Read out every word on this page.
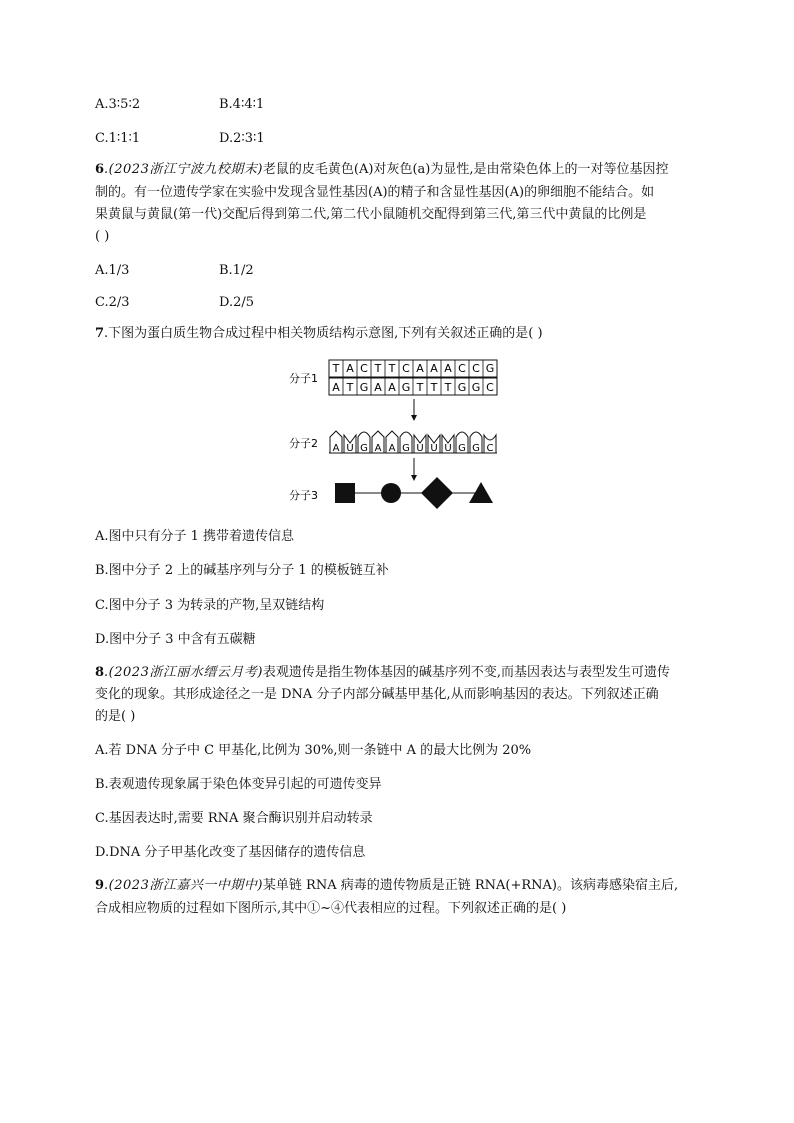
A.3∶5∶2	B.4∶4∶1
C.1∶1∶1	D.2∶3∶1
6.(2023浙江宁波九校期末)老鼠的皮毛黄色(A)对灰色(a)为显性,是由常染色体上的一对等位基因控
制的。有一位遗传学家在实验中发现含显性基因(A)的精子和含显性基因(A)的卵细胞不能结合。如
果黄鼠与黄鼠(第一代)交配后得到第二代,第二代小鼠随机交配得到第三代,第三代中黄鼠的比例是
( )
A.1/3	B.1/2
C.2/3	D.2/5
7.下图为蛋白质生物合成过程中相关物质结构示意图,下列有关叙述正确的是( )
分子1
分子2
分子3
T A C T T C A A A C C G
A T G A A G T T T G G C
A U G A A G U U U G G C
A.图中只有分子 1 携带着遗传信息
B.图中分子 2 上的碱基序列与分子 1 的模板链互补
C.图中分子 3 为转录的产物,呈双链结构
D.图中分子 3 中含有五碳糖
8.(2023浙江丽水缙云月考)表观遗传是指生物体基因的碱基序列不变,而基因表达与表型发生可遗传
变化的现象。其形成途径之一是 DNA 分子内部分碱基甲基化,从而影响基因的表达。下列叙述正确
的是( )
A.若 DNA 分子中 C 甲基化,比例为 30%,则一条链中 A 的最大比例为 20%
B.表观遗传现象属于染色体变异引起的可遗传变异
C.基因表达时,需要 RNA 聚合酶识别并启动转录
D.DNA 分子甲基化改变了基因储存的遗传信息
9.(2023浙江嘉兴一中期中)某单链 RNA 病毒的遗传物质是正链 RNA(+RNA)。该病毒感染宿主后,
合成相应物质的过程如下图所示,其中①~④代表相应的过程。下列叙述正确的是( )
